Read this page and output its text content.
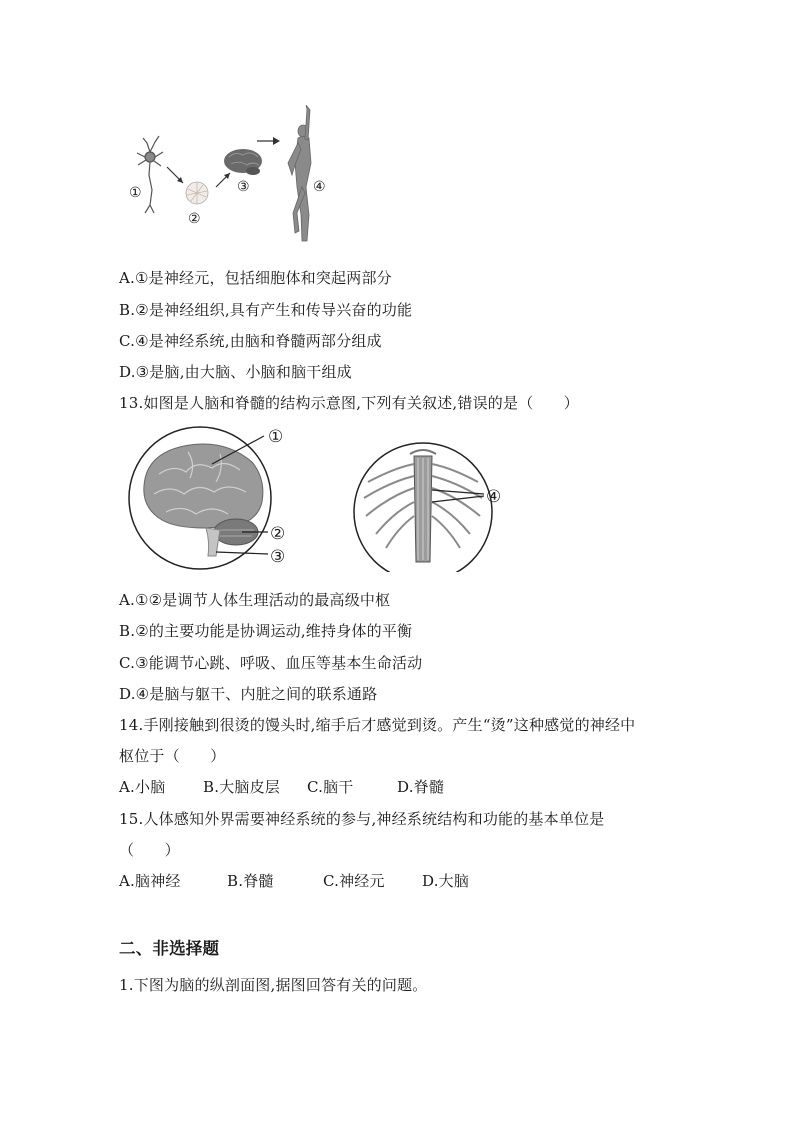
①
②
③	④
A.①是神经元，包括细胞体和突起两部分
B.②是神经组织,具有产生和传导兴奋的功能
C.④是神经系统,由脑和脊髓两部分组成
D.③是脑,由大脑、小脑和脑干组成
13.如图是人脑和脊髓的结构示意图,下列有关叙述,错误的是（　　）
①
②
③
④
A.①②是调节人体生理活动的最高级中枢
B.②的主要功能是协调运动,维持身体的平衡
C.③能调节心跳、呼吸、血压等基本生命活动
D.④是脑与躯干、内脏之间的联系通路
14.手刚接触到很烫的馒头时,缩手后才感觉到烫。产生“烫”这种感觉的神经中
枢位于（　　）
A.小脑	B.大脑皮层 C.脑干	D.脊髓
15.人体感知外界需要神经系统的参与,神经系统结构和功能的基本单位是
（　　）
A.脑神经	B.脊髓	C.神经元 D.大脑
二、非选择题
1.下图为脑的纵剖面图,据图回答有关的问题。
